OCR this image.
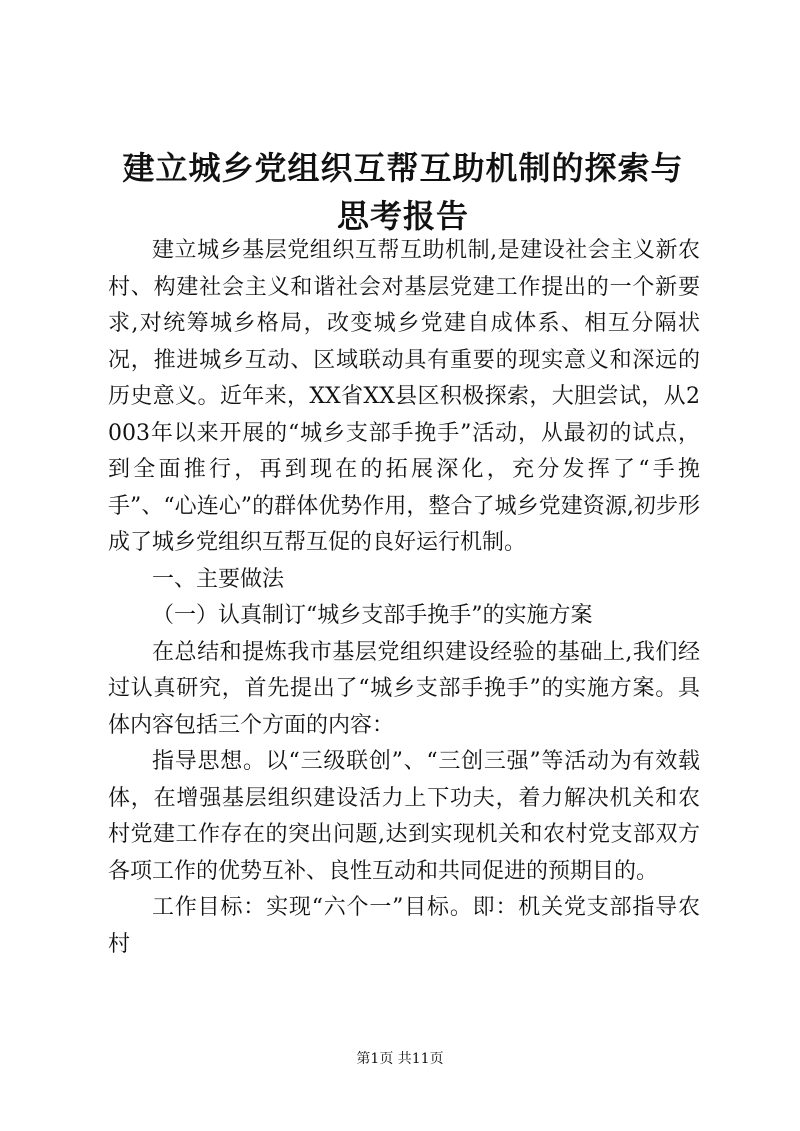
建立城乡党组织互帮互助机制的探索与思考报告

建立城乡基层党组织互帮互助机制,是建设社会主义新农村、构建社会主义和谐社会对基层党建工作提出的一个新要求,对统筹城乡格局，改变城乡党建自成体系、相互分隔状况，推进城乡互动、区域联动具有重要的现实意义和深远的历史意义。近年来，XX省XX县区积极探索，大胆尝试，从2003年以来开展的“城乡支部手挽手”活动，从最初的试点，到全面推行，再到现在的拓展深化，充分发挥了“手挽手”、“心连心”的群体优势作用，整合了城乡党建资源,初步形成了城乡党组织互帮互促的良好运行机制。

一、主要做法

（一）认真制订“城乡支部手挽手”的实施方案

在总结和提炼我市基层党组织建设经验的基础上,我们经过认真研究，首先提出了“城乡支部手挽手”的实施方案。具体内容包括三个方面的内容：

指导思想。以“三级联创”、“三创三强”等活动为有效载体，在增强基层组织建设活力上下功夫，着力解决机关和农村党建工作存在的突出问题,达到实现机关和农村党支部双方各项工作的优势互补、良性互动和共同促进的预期目的。

工作目标：实现“六个一”目标。即：机关党支部指导农村

第1页 共11页
